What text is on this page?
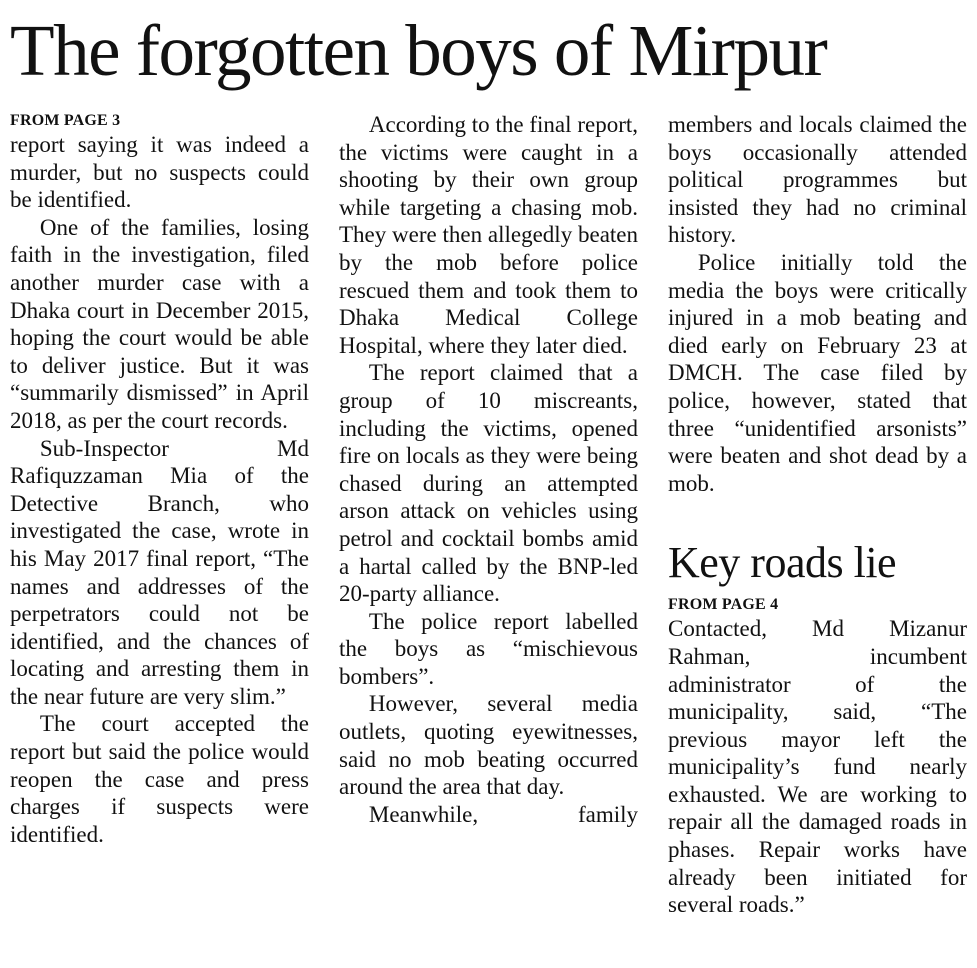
The forgotten boys of Mirpur
FROM PAGE 3

report saying it was indeed a murder, but no suspects could be identified.

One of the families, losing faith in the investigation, filed another murder case with a Dhaka court in December 2015, hoping the court would be able to deliver justice. But it was “summarily dismissed” in April 2018, as per the court records.

Sub-Inspector Md Rafiquzzaman Mia of the Detective Branch, who investigated the case, wrote in his May 2017 final report, “The names and addresses of the perpetrators could not be identified, and the chances of locating and arresting them in the near future are very slim.”

The court accepted the report but said the police would reopen the case and press charges if suspects were identified.

According to the final report, the victims were caught in a shooting by their own group while targeting a chasing mob. They were then allegedly beaten by the mob before police rescued them and took them to Dhaka Medical College Hospital, where they later died.

The report claimed that a group of 10 miscreants, including the victims, opened fire on locals as they were being chased during an attempted arson attack on vehicles using petrol and cocktail bombs amid a hartal called by the BNP-led 20-party alliance.

The police report labelled the boys as “mischievous bombers”.

However, several media outlets, quoting eyewitnesses, said no mob beating occurred around the area that day.

Meanwhile, family

members and locals claimed the boys occasionally attended political programmes but insisted they had no criminal history.

Police initially told the media the boys were critically injured in a mob beating and died early on February 23 at DMCH. The case filed by police, however, stated that three “unidentified arsonists” were beaten and shot dead by a mob.

Key roads lie
FROM PAGE 4

Contacted, Md Mizanur Rahman, incumbent administrator of the municipality, said, “The previous mayor left the municipality’s fund nearly exhausted. We are working to repair all the damaged roads in phases. Repair works have already been initiated for several roads.”
